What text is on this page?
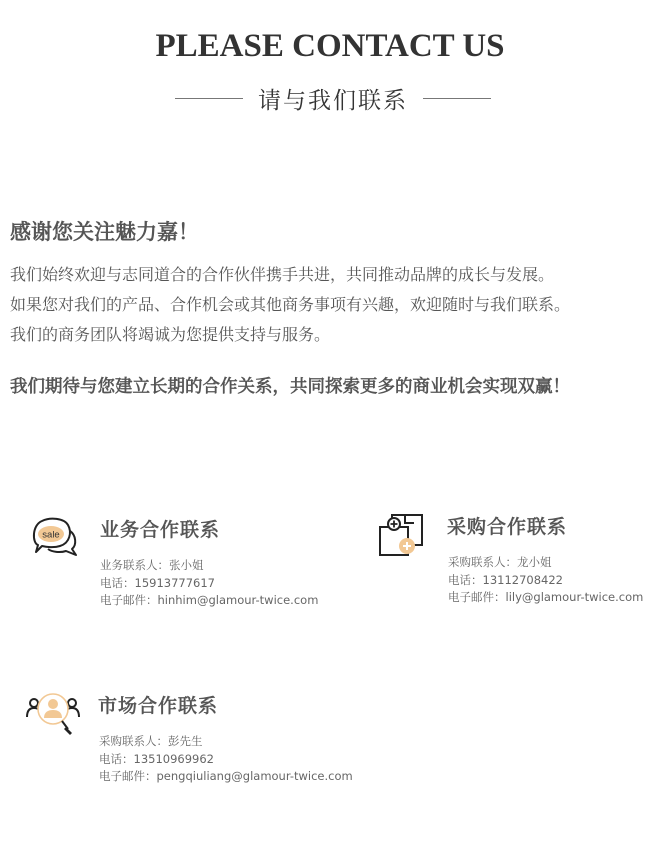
PLEASE CONTACT US
请与我们联系
感谢您关注魅力嘉！
我们始终欢迎与志同道合的合作伙伴携手共进，共同推动品牌的成长与发展。
如果您对我们的产品、合作机会或其他商务事项有兴趣，欢迎随时与我们联系。
我们的商务团队将竭诚为您提供支持与服务。
我们期待与您建立长期的合作关系，共同探索更多的商业机会实现双赢！
sale 业务合作联系
业务联系人：张小姐
电话：15913777617
电子邮件：hinhim@glamour-twice.com
采购合作联系
采购联系人：龙小姐
电话：13112708422
电子邮件：lily@glamour-twice.com
市场合作联系
采购联系人：彭先生
电话：13510969962
电子邮件：pengqiuliang@glamour-twice.com
